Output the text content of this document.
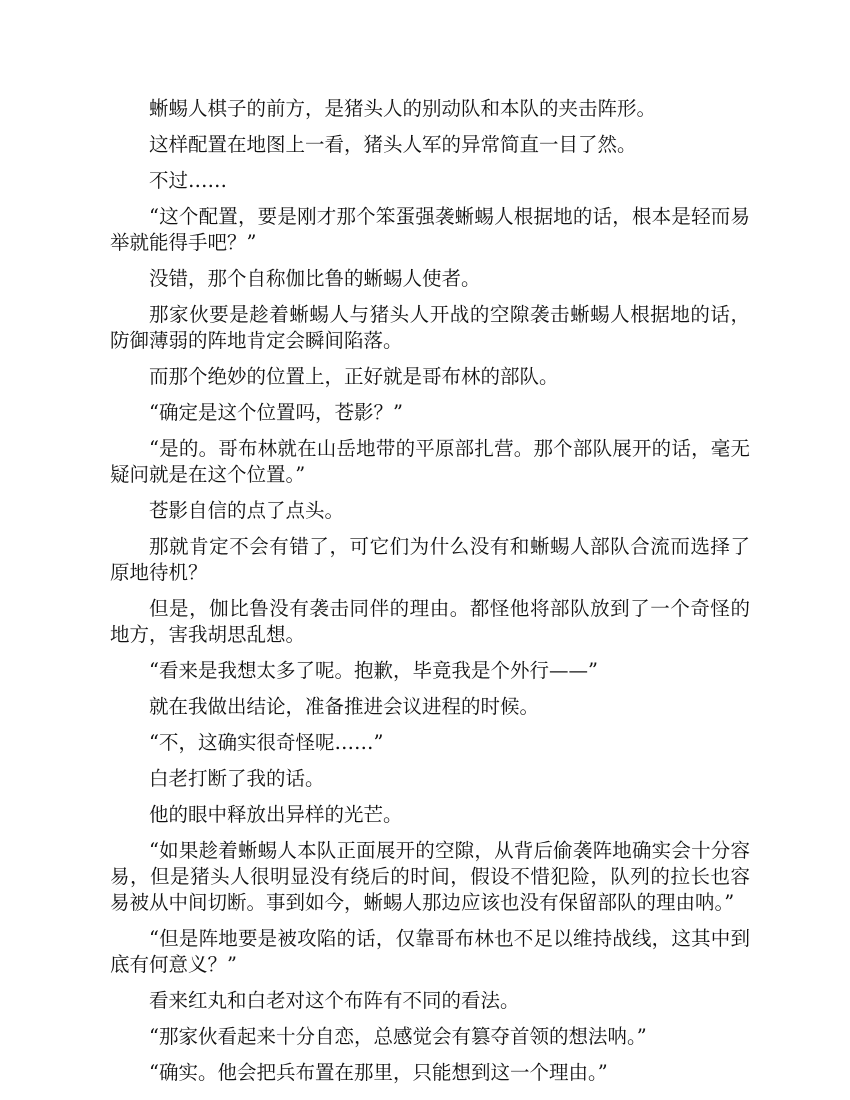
蜥蜴人棋子的前方，是猪头人的别动队和本队的夹击阵形。

这样配置在地图上一看，猪头人军的异常简直一目了然。

不过……

“这个配置，要是刚才那个笨蛋强袭蜥蜴人根据地的话，根本是轻而易举就能得手吧？”

没错，那个自称伽比鲁的蜥蜴人使者。

那家伙要是趁着蜥蜴人与猪头人开战的空隙袭击蜥蜴人根据地的话，防御薄弱的阵地肯定会瞬间陷落。

而那个绝妙的位置上，正好就是哥布林的部队。

“确定是这个位置吗，苍影？”

“是的。哥布林就在山岳地带的平原部扎营。那个部队展开的话，毫无疑问就是在这个位置。”

苍影自信的点了点头。

那就肯定不会有错了，可它们为什么没有和蜥蜴人部队合流而选择了原地待机？

但是，伽比鲁没有袭击同伴的理由。都怪他将部队放到了一个奇怪的地方，害我胡思乱想。

“看来是我想太多了呢。抱歉，毕竟我是个外行——”

就在我做出结论，准备推进会议进程的时候。

“不，这确实很奇怪呢……”

白老打断了我的话。

他的眼中释放出异样的光芒。

“如果趁着蜥蜴人本队正面展开的空隙，从背后偷袭阵地确实会十分容易，但是猪头人很明显没有绕后的时间，假设不惜犯险，队列的拉长也容易被从中间切断。事到如今，蜥蜴人那边应该也没有保留部队的理由呐。”

“但是阵地要是被攻陷的话，仅靠哥布林也不足以维持战线，这其中到底有何意义？”

看来红丸和白老对这个布阵有不同的看法。

“那家伙看起来十分自恋，总感觉会有篡夺首领的想法呐。”

“确实。他会把兵布置在那里，只能想到这一个理由。”
